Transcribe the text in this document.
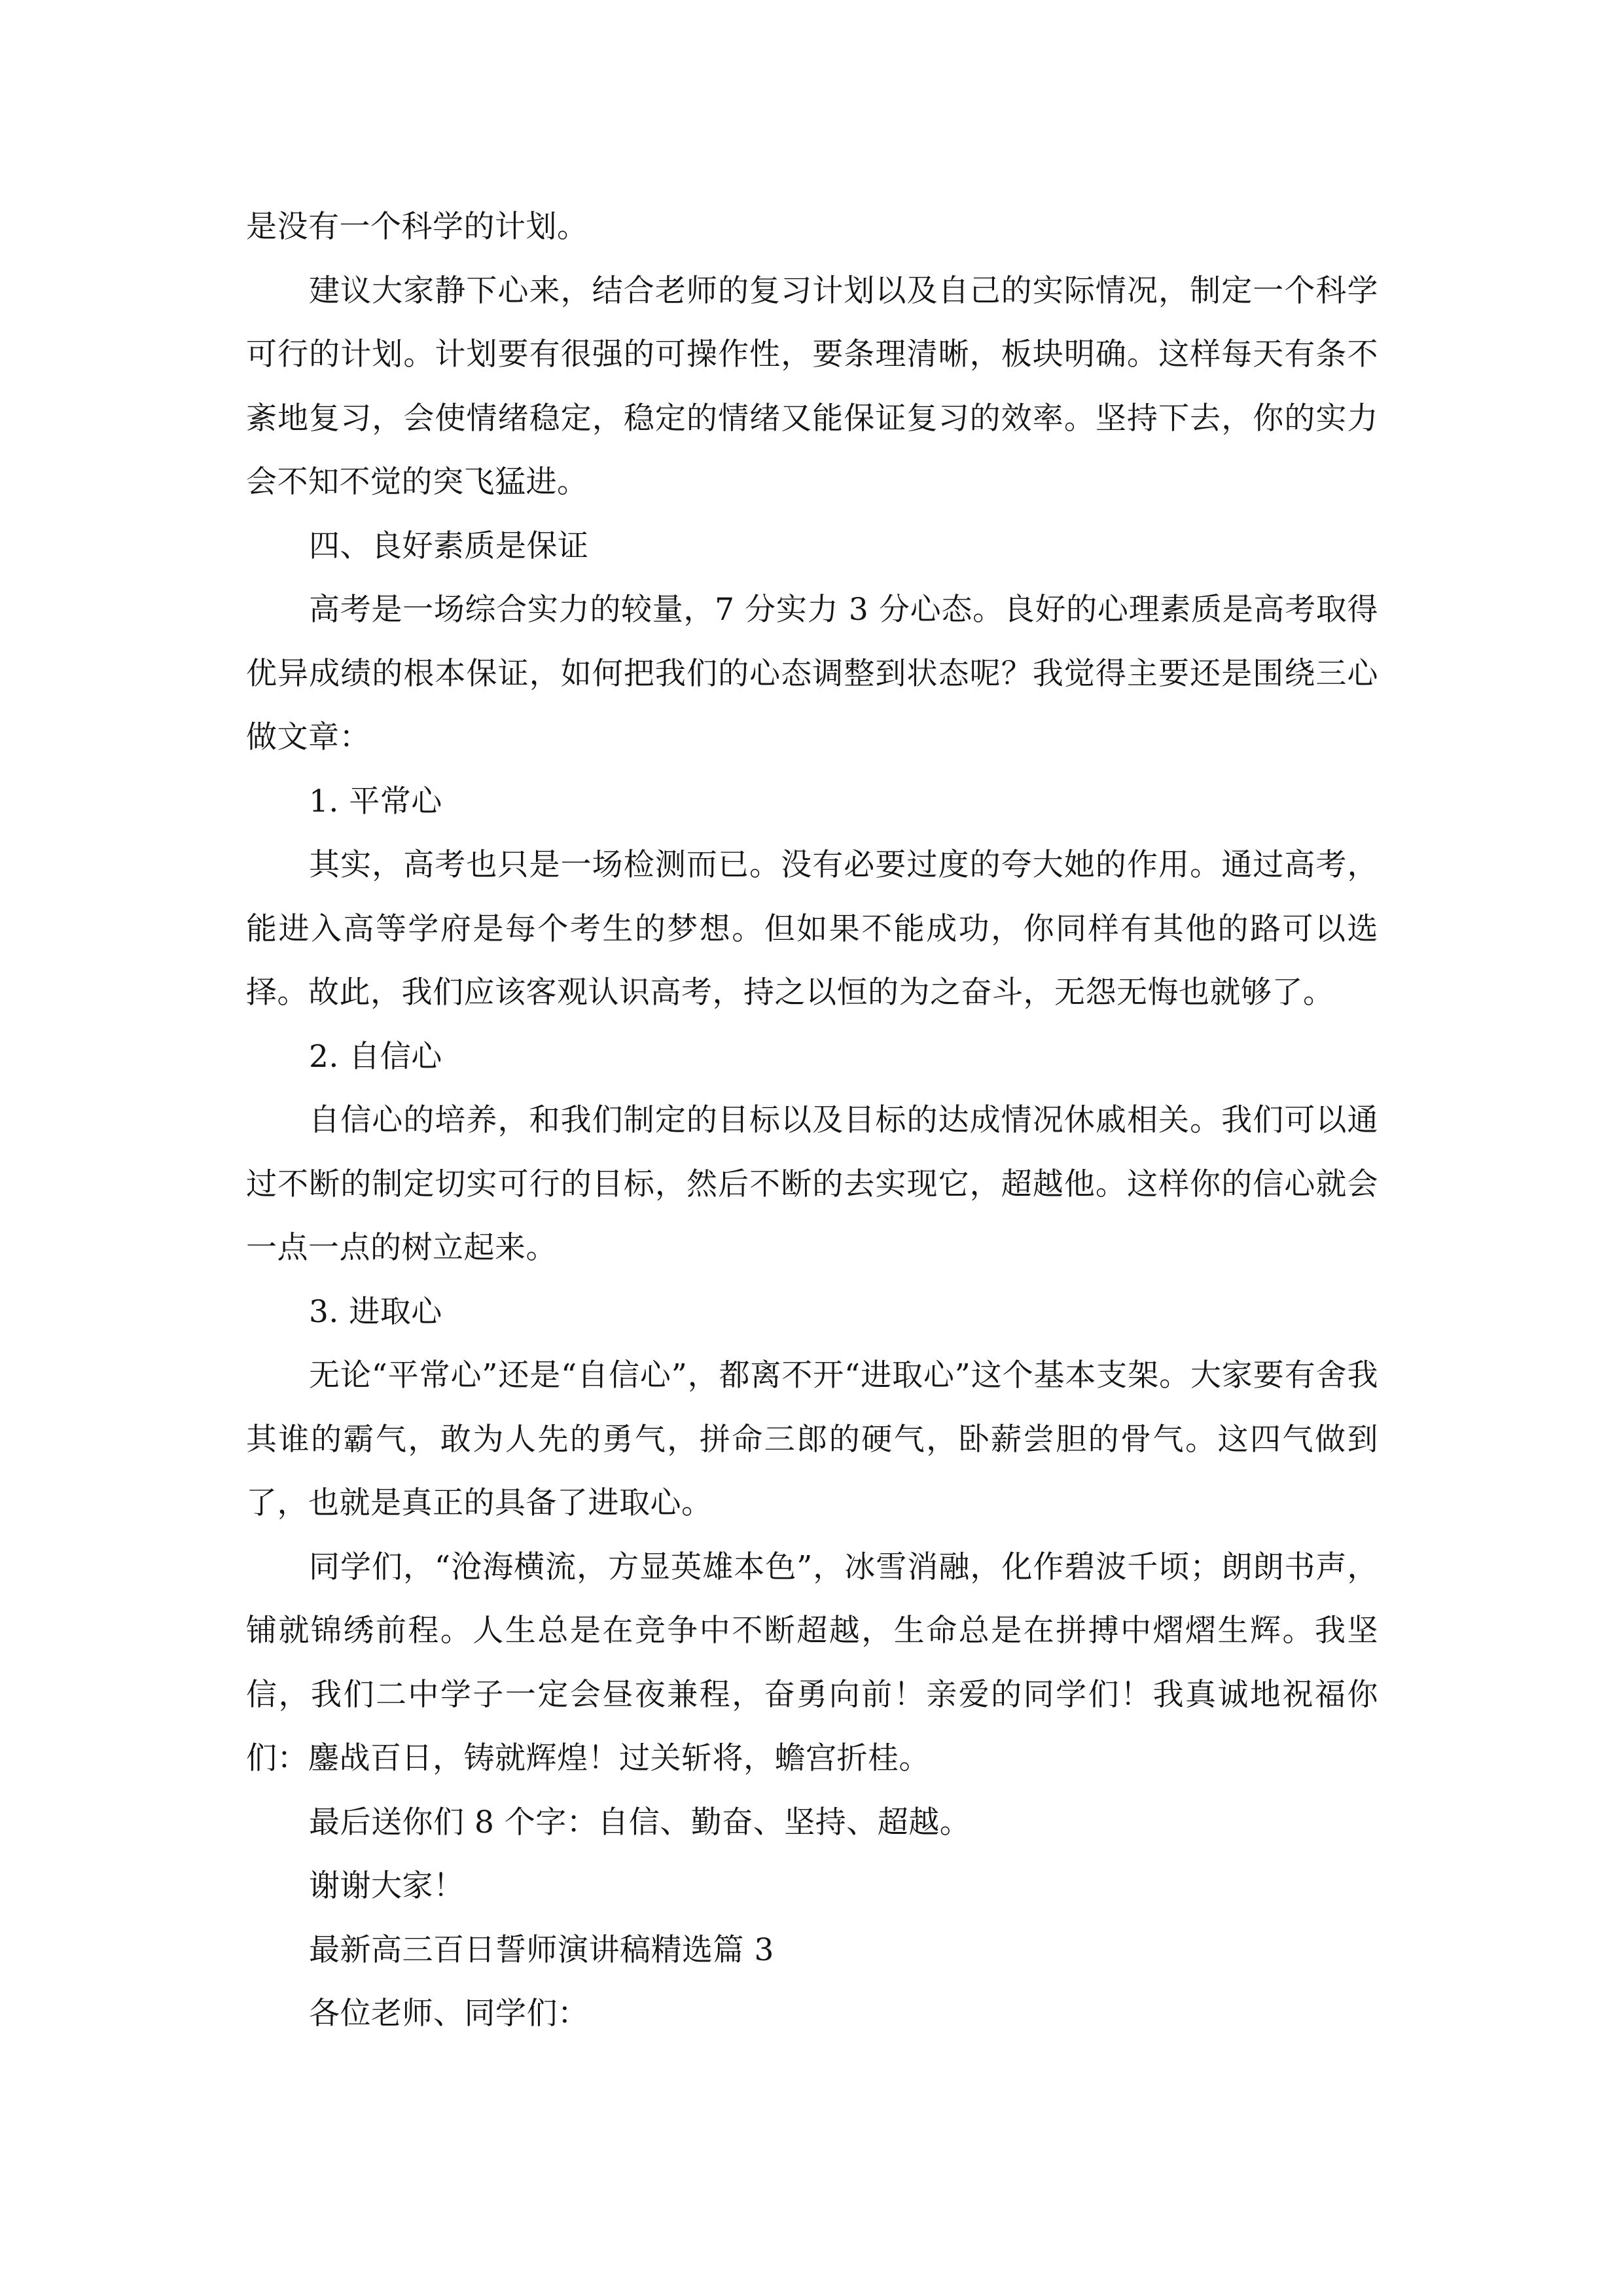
是没有一个科学的计划。

建议大家静下心来，结合老师的复习计划以及自己的实际情况，制定一个科学可行的计划。计划要有很强的可操作性，要条理清晰，板块明确。这样每天有条不紊地复习，会使情绪稳定，稳定的情绪又能保证复习的效率。坚持下去，你的实力会不知不觉的突飞猛进。

四、良好素质是保证

高考是一场综合实力的较量，7 分实力 3 分心态。良好的心理素质是高考取得优异成绩的根本保证，如何把我们的心态调整到状态呢？我觉得主要还是围绕三心做文章：

1. 平常心

其实，高考也只是一场检测而已。没有必要过度的夸大她的作用。通过高考，能进入高等学府是每个考生的梦想。但如果不能成功，你同样有其他的路可以选择。故此，我们应该客观认识高考，持之以恒的为之奋斗，无怨无悔也就够了。

2. 自信心

自信心的培养，和我们制定的目标以及目标的达成情况休戚相关。我们可以通过不断的制定切实可行的目标，然后不断的去实现它，超越他。这样你的信心就会一点一点的树立起来。

3. 进取心

无论“平常心”还是“自信心”，都离不开“进取心”这个基本支架。大家要有舍我其谁的霸气，敢为人先的勇气，拼命三郎的硬气，卧薪尝胆的骨气。这四气做到了，也就是真正的具备了进取心。

同学们，“沧海横流，方显英雄本色”，冰雪消融，化作碧波千顷；朗朗书声，铺就锦绣前程。人生总是在竞争中不断超越，生命总是在拼搏中熠熠生辉。我坚信，我们二中学子一定会昼夜兼程，奋勇向前！亲爱的同学们！我真诚地祝福你们：鏖战百日，铸就辉煌！过关斩将，蟾宫折桂。

最后送你们 8 个字：自信、勤奋、坚持、超越。

谢谢大家！

最新高三百日誓师演讲稿精选篇 3

各位老师、同学们：
